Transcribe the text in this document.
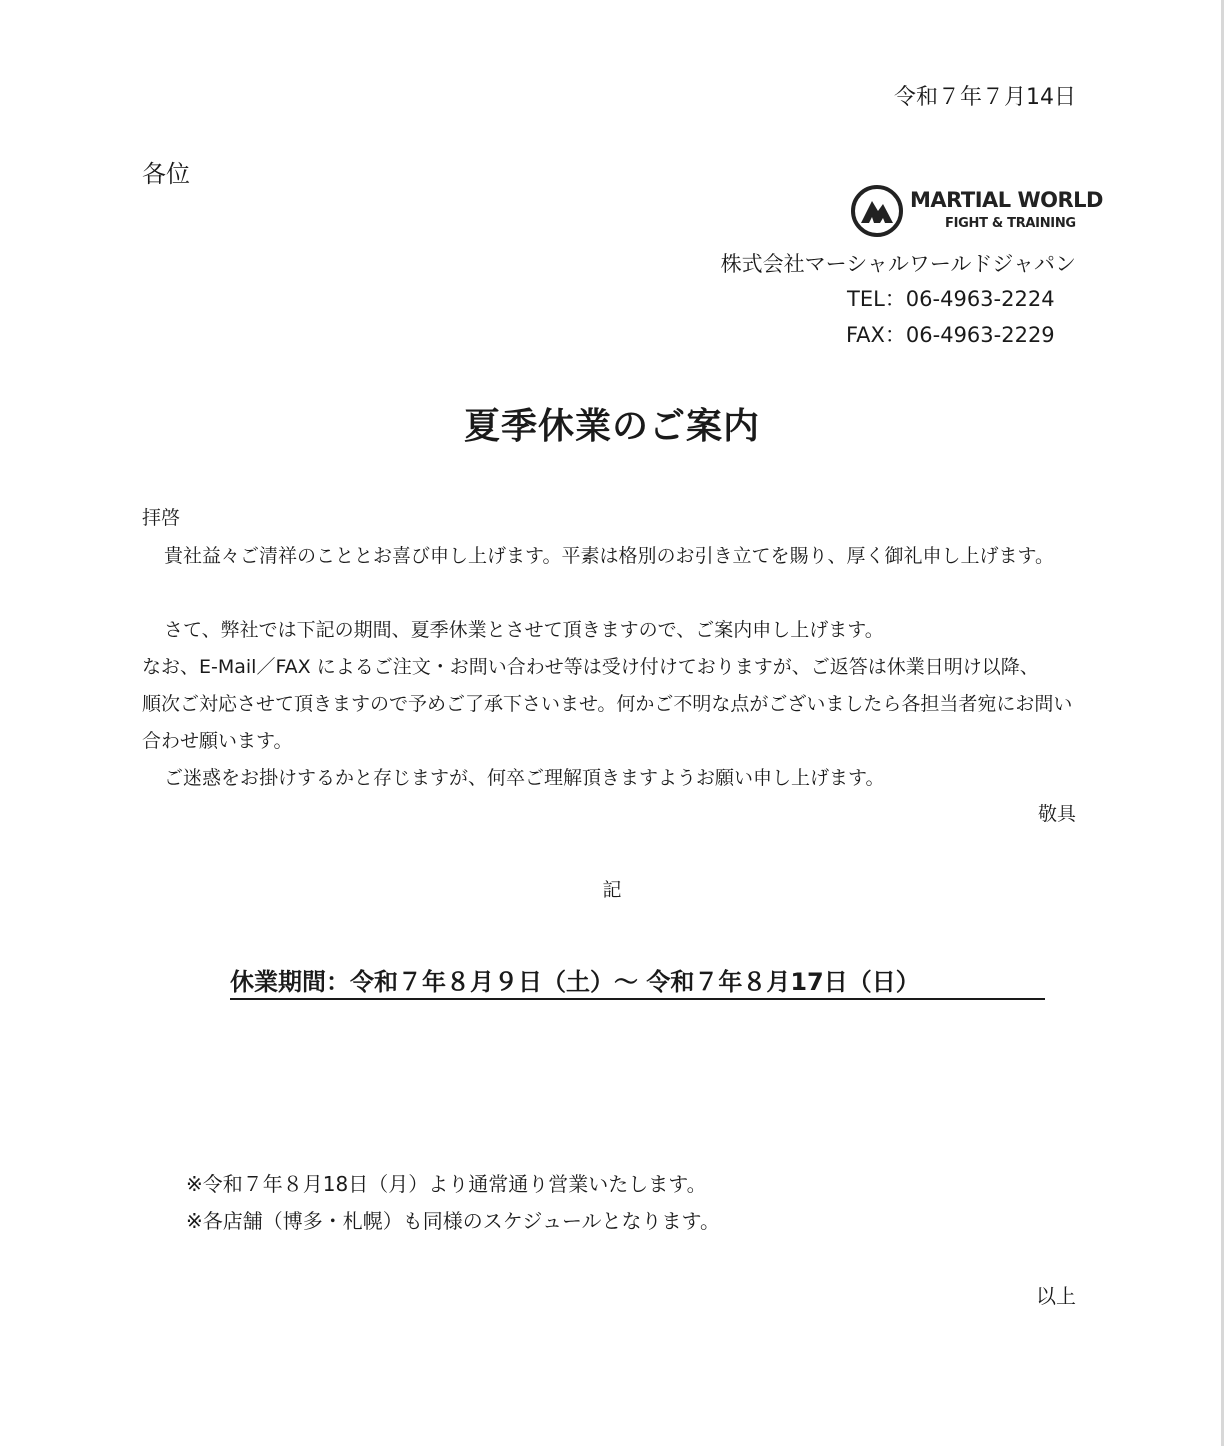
令和７年７月14日
各位
MARTIAL WORLD
FIGHT & TRAINING
株式会社マーシャルワールドジャパン
TEL：06-4963-2224
FAX：06-4963-2229
夏季休業のご案内
拝啓
貴社益々ご清祥のこととお喜び申し上げます。平素は格別のお引き立てを賜り、厚く御礼申し上げます。
さて、弊社では下記の期間、夏季休業とさせて頂きますので、ご案内申し上げます。
なお、E-Mail／FAX によるご注文・お問い合わせ等は受け付けておりますが、ご返答は休業日明け以降、
順次ご対応させて頂きますので予めご了承下さいませ。何かご不明な点がございましたら各担当者宛にお問い
合わせ願います。
ご迷惑をお掛けするかと存じますが、何卒ご理解頂きますようお願い申し上げます。
敬具
記
休業期間：令和７年８月９日（土）～ 令和７年８月17日（日）
※令和７年８月18日（月）より通常通り営業いたします。
※各店舗（博多・札幌）も同様のスケジュールとなります。
以上
